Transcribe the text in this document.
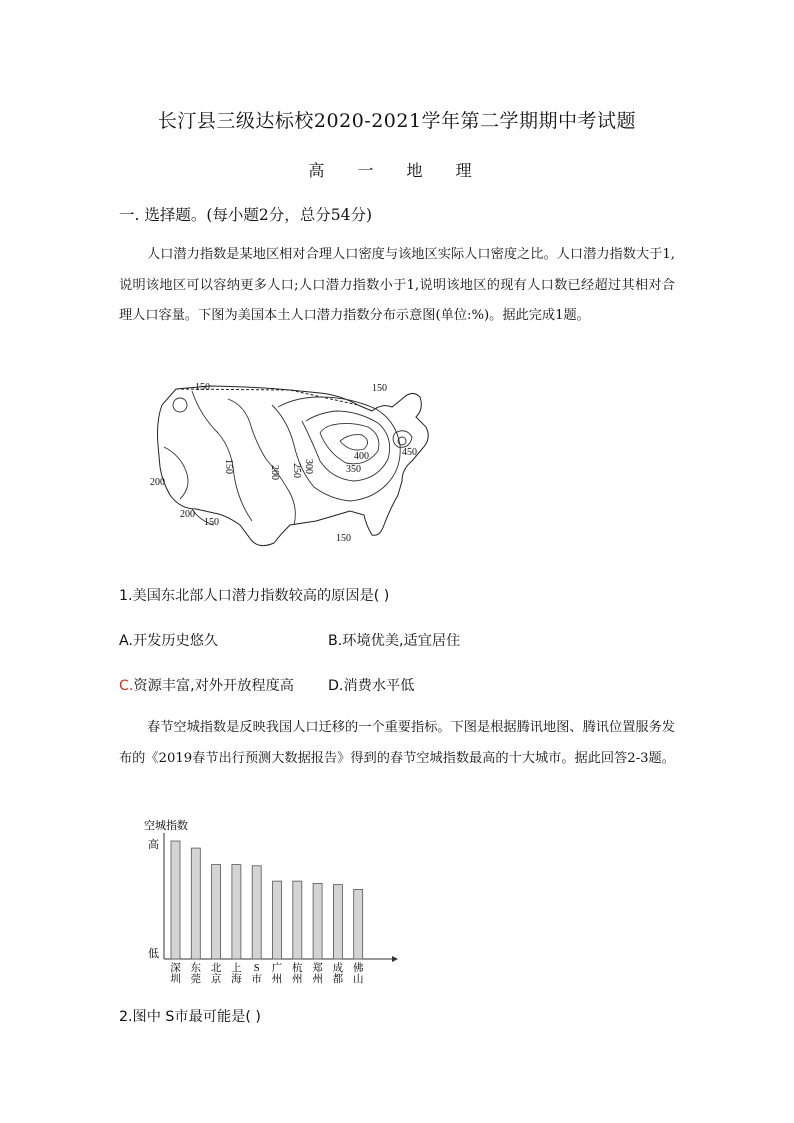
长汀县三级达标校2020-2021学年第二学期期中考试题
高 一 地 理
一. 选择题。(每小题2分，总分54分)
人口潜力指数是某地区相对合理人口密度与该地区实际人口密度之比。人口潜力指数大于1,说明该地区可以容纳更多人口;人口潜力指数小于1,说明该地区的现有人口数已经超过其相对合理人口容量。下图为美国本土人口潜力指数分布示意图(单位:%)。据此完成1题。
150	150
150
150
200
200
200 250 300	350
400	450
150
1.美国东北部人口潜力指数较高的原因是( )
A.开发历史悠久	B.环境优美,适宜居住
C.资源丰富,对外开放程度高 D.消费水平低
春节空城指数是反映我国人口迁移的一个重要指标。下图是根据腾讯地图、腾讯位置服务发布的《2019春节出行预测大数据报告》得到的春节空城指数最高的十大城市。据此回答2-3题。
空城指数
高
低
深圳
东莞
北京
上海
S 市
广州
杭州
郑州
成都
佛山
2.图中 S市最可能是( )
